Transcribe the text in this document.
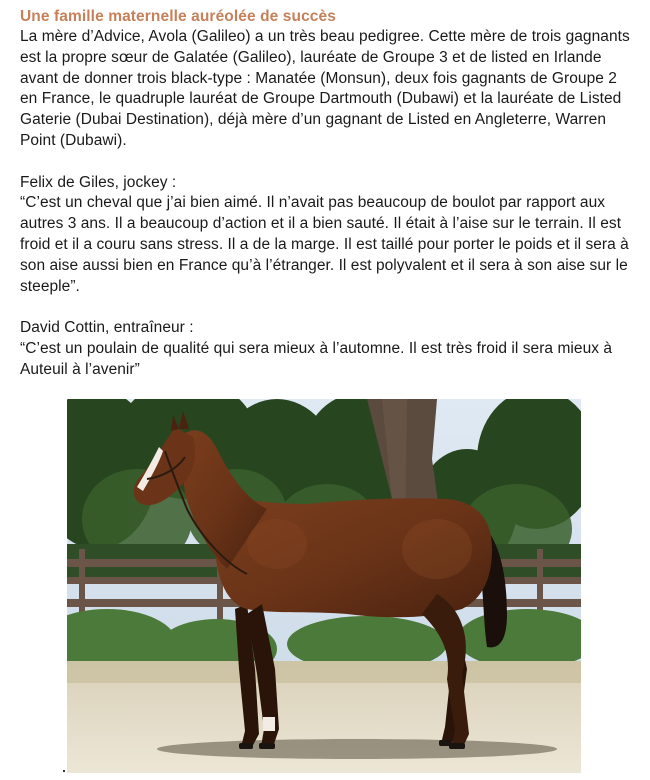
Une famille maternelle auréolée de succès

La mère d’Advice, Avola (Galileo) a un très beau pedigree. Cette mère de trois gagnants est la propre sœur de Galatée (Galileo), lauréate de Groupe 3 et de listed en Irlande avant de donner trois black-type : Manatée (Monsun), deux fois gagnants de Groupe 2 en France, le quadruple lauréat de Groupe Dartmouth (Dubawi) et la lauréate de Listed Gaterie (Dubai Destination), déjà mère d’un gagnant de Listed en Angleterre, Warren Point (Dubawi).

Felix de Giles, jockey :

“C’est un cheval que j’ai bien aimé. Il n’avait pas beaucoup de boulot par rapport aux autres 3 ans. Il a beaucoup d’action et il a bien sauté. Il était à l’aise sur le terrain. Il est froid et il a couru sans stress. Il a de la marge. Il est taillé pour porter le poids et il sera à son aise aussi bien en France qu’à l’étranger. Il est polyvalent et il sera à son aise sur le steeple”.

David Cottin, entraîneur :

“C’est un poulain de qualité qui sera mieux à l’automne. Il est très froid il sera mieux à Auteuil à l’avenir”
